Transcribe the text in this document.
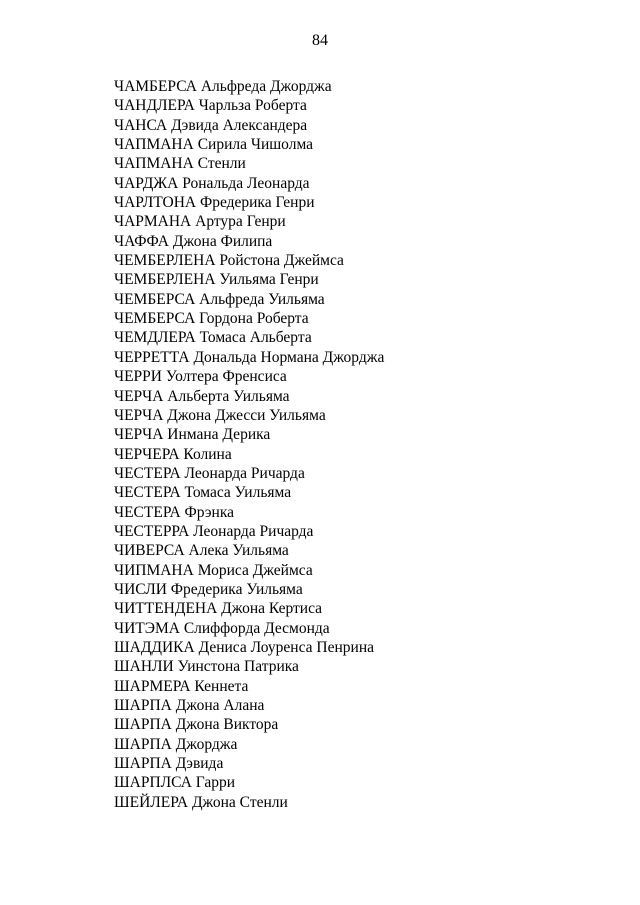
84
ЧАМБЕРСА Альфреда Джорджа
ЧАНДЛЕРА Чарльза Роберта
ЧАНСА Дэвида Александера
ЧАПМАНА Сирила Чишолма
ЧАПМАНА Стенли
ЧАРДЖА Рональда Леонарда
ЧАРЛТОНА Фредерика Генри
ЧАРМАНА Артура Генри
ЧАФФА Джона Филипа
ЧЕМБЕРЛЕНА Ройстона Джеймса
ЧЕМБЕРЛЕНА Уильяма Генри
ЧЕМБЕРСА Альфреда Уильяма
ЧЕМБЕРСА Гордона Роберта
ЧЕМДЛЕРА Томаса Альберта
ЧЕРРЕТТА Дональда Нормана Джорджа
ЧЕРРИ Уолтера Френсиса
ЧЕРЧА Альберта Уильяма
ЧЕРЧА Джона Джесси Уильяма
ЧЕРЧА Инмана Дерика
ЧЕРЧЕРА Колина
ЧЕСТЕРА Леонарда Ричарда
ЧЕСТЕРА Томаса Уильяма
ЧЕСТЕРА Фрэнка
ЧЕСТЕРРА Леонарда Ричарда
ЧИВЕРСА Алека Уильяма
ЧИПМАНА Мориса Джеймса
ЧИСЛИ Фредерика Уильяма
ЧИТТЕНДЕНА Джона Кертиса
ЧИТЭМА Слиффорда Десмонда
ШАДДИКА Дениса Лоуренса Пенрина
ШАНЛИ Уинстона Патрика
ШАРМЕРА Кеннета
ШАРПА Джона Алана
ШАРПА Джона Виктора
ШАРПА Джорджа
ШАРПА Дэвида
ШАРПЛСА Гарри
ШЕЙЛЕРА Джона Стенли
